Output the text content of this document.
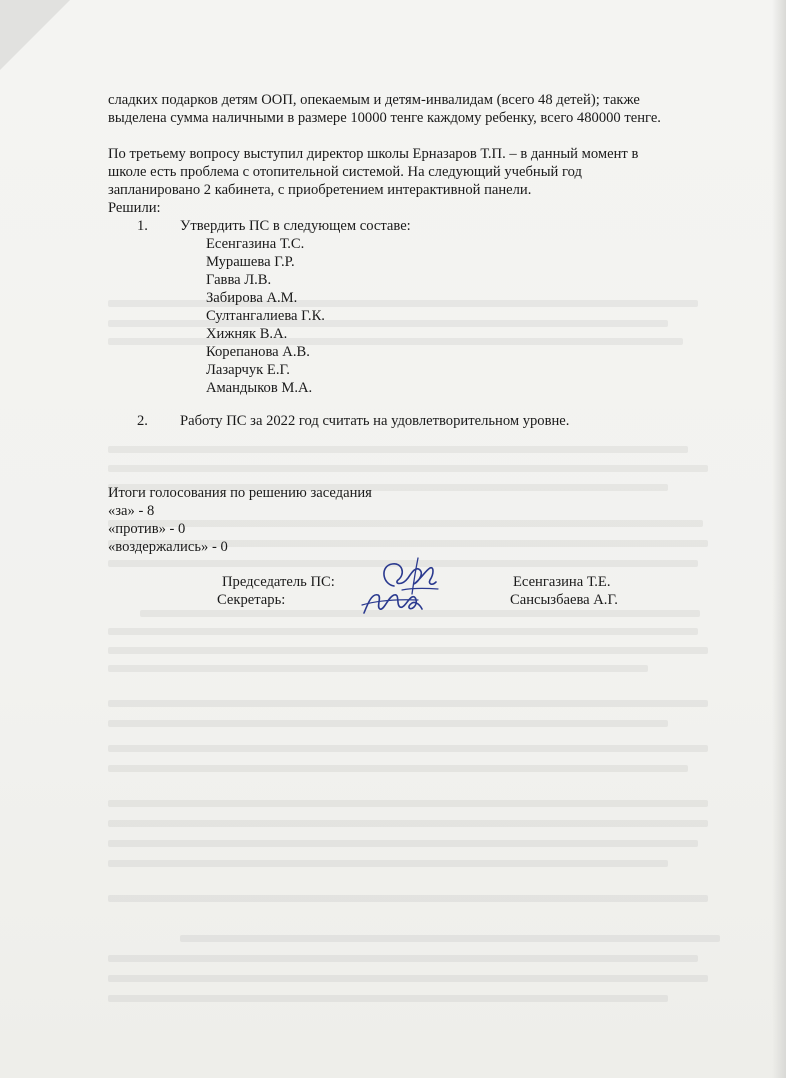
сладких подарков детям ООП, опекаемым и детям-инвалидам (всего 48 детей); также
выделена сумма наличными в размере 10000 тенге каждому ребенку, всего 480000 тенге.
По третьему вопросу выступил директор школы Ерназаров Т.П. – в данный момент в
школе есть проблема с отопительной системой. На следующий учебный год
запланировано 2 кабинета, с приобретением интерактивной панели.
Решили:
1. Утвердить ПС в следующем составе:
Есенгазина Т.С.
Мурашева Г.Р.
Гавва Л.В.
Забирова А.М.
Султангалиева Г.К.
Хижняк В.А.
Корепанова А.В.
Лазарчук Е.Г.
Амандыков М.А.
2. Работу ПС за 2022 год считать на удовлетворительном уровне.
Итоги голосования по решению заседания
«за» - 8
«против» - 0
«воздержались» - 0
Председатель ПС:	Есенгазина Т.Е.
Секретарь:	Сансызбаева А.Г.
